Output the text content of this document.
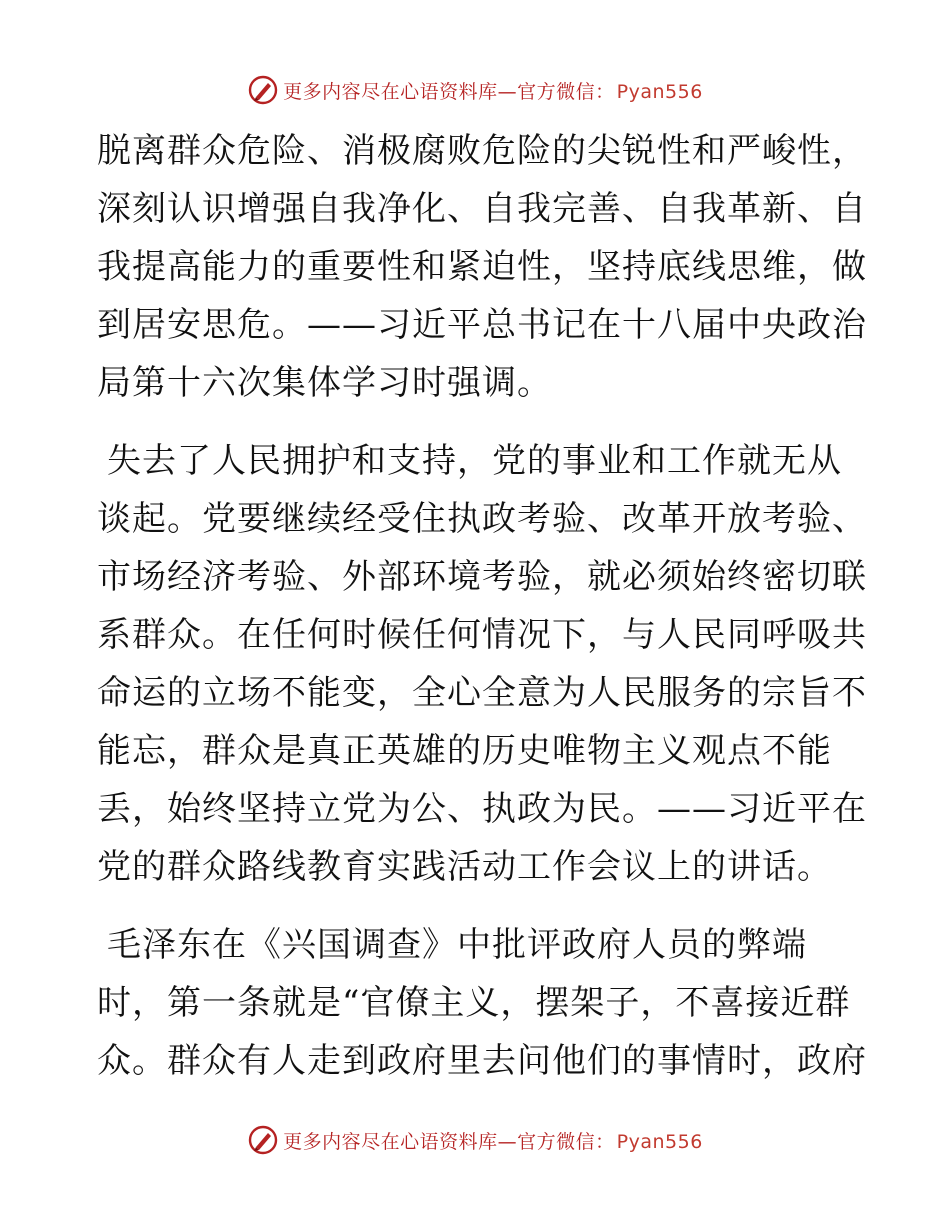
更多内容尽在心语资料库—官方微信： Pyan556

脱离群众危险、消极腐败危险的尖锐性和严峻性，
深刻认识增强自我净化、自我完善、自我革新、自
我提高能力的重要性和紧迫性，坚持底线思维，做
到居安思危。——习近平总书记在十八届中央政治
局第十六次集体学习时强调。

失去了人民拥护和支持，党的事业和工作就无从
谈起。党要继续经受住执政考验、改革开放考验、
市场经济考验、外部环境考验，就必须始终密切联
系群众。在任何时候任何情况下，与人民同呼吸共
命运的立场不能变，全心全意为人民服务的宗旨不
能忘，群众是真正英雄的历史唯物主义观点不能
丢，始终坚持立党为公、执政为民。——习近平在
党的群众路线教育实践活动工作会议上的讲话。

毛泽东在《兴国调查》中批评政府人员的弊端
时，第一条就是“官僚主义，摆架子，不喜接近群
众。群众有人走到政府里去问他们的事情时，政府

更多内容尽在心语资料库—官方微信： Pyan556
